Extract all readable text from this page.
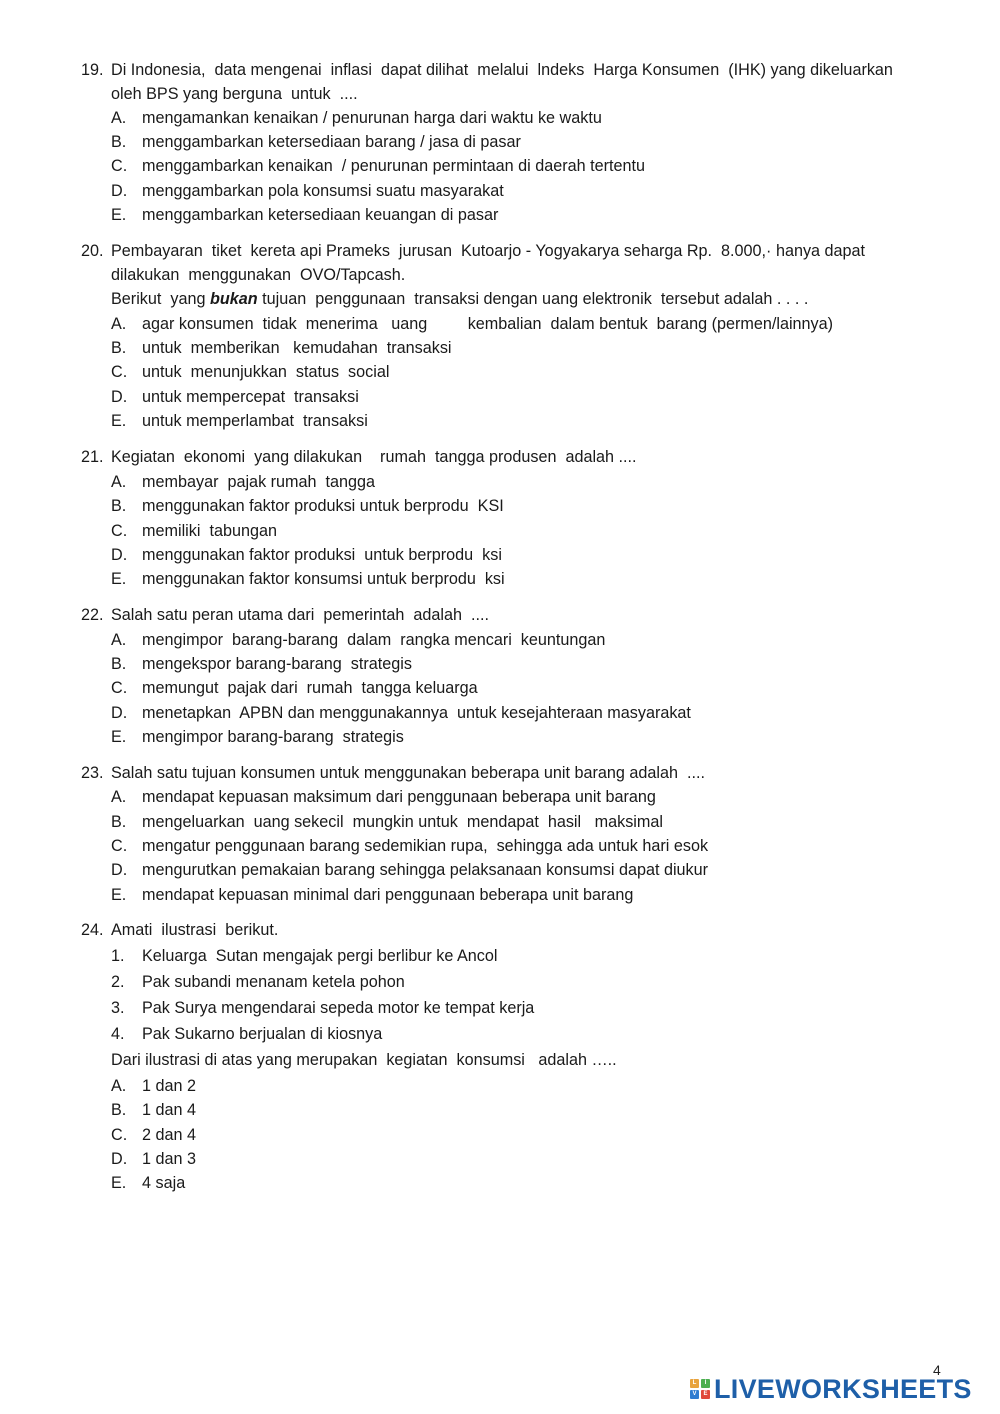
19. Di Indonesia,  data mengenai  inflasi  dapat dilihat  melalui  lndeks  Harga Konsumen  (IHK) yang dikeluarkan
oleh BPS yang berguna  untuk  ....
A. mengamankan kenaikan / penurunan harga dari waktu ke waktu
B. menggambarkan ketersediaan barang / jasa di pasar
C. menggambarkan kenaikan  / penurunan permintaan di daerah tertentu
D. menggambarkan pola konsumsi suatu masyarakat
E. menggambarkan ketersediaan keuangan di pasar
20. Pembayaran  tiket  kereta api Prameks  jurusan  Kutoarjo - Yogyakarya seharga Rp.  8.000,· hanya dapat
dilakukan  menggunakan  OVO/Tapcash.
Berikut  yang bukan tujuan  penggunaan  transaksi dengan uang elektronik  tersebut adalah . . . .
A. agar konsumen  tidak  menerima   uang         kembalian  dalam bentuk  barang (permen/lainnya)
B. untuk  memberikan   kemudahan  transaksi
C. untuk  menunjukkan  status  social
D. untuk mempercepat  transaksi
E. untuk memperlambat  transaksi
21. Kegiatan  ekonomi  yang dilakukan    rumah  tangga produsen  adalah ....
A. membayar  pajak rumah  tangga
B. menggunakan faktor produksi untuk berprodu  KSI
C. memiliki  tabungan
D. menggunakan faktor produksi  untuk berprodu  ksi
E. menggunakan faktor konsumsi untuk berprodu  ksi
22. Salah satu peran utama dari  pemerintah  adalah  ....
A. mengimpor  barang-barang  dalam  rangka mencari  keuntungan
B. mengekspor barang-barang  strategis
C. memungut  pajak dari  rumah  tangga keluarga
D. menetapkan  APBN dan menggunakannya  untuk kesejahteraan masyarakat
E. mengimpor barang-barang  strategis
23. Salah satu tujuan konsumen untuk menggunakan beberapa unit barang adalah  ....
A. mendapat kepuasan maksimum dari penggunaan beberapa unit barang
B. mengeluarkan  uang sekecil  mungkin untuk  mendapat  hasil   maksimal
C. mengatur penggunaan barang sedemikian rupa,  sehingga ada untuk hari esok
D. mengurutkan pemakaian barang sehingga pelaksanaan konsumsi dapat diukur
E. mendapat kepuasan minimal dari penggunaan beberapa unit barang
24. Amati  ilustrasi  berikut.
1. Keluarga  Sutan mengajak pergi berlibur ke Ancol
2. Pak subandi menanam ketela pohon
3. Pak Surya mengendarai sepeda motor ke tempat kerja
4. Pak Sukarno berjualan di kiosnya
Dari ilustrasi di atas yang merupakan  kegiatan  konsumsi   adalah …..
A. 1 dan 2
B. 1 dan 4
C. 2 dan 4
D. 1 dan 3
E. 4 saja
4
L	I
V	E LIVEWORKSHEETS
